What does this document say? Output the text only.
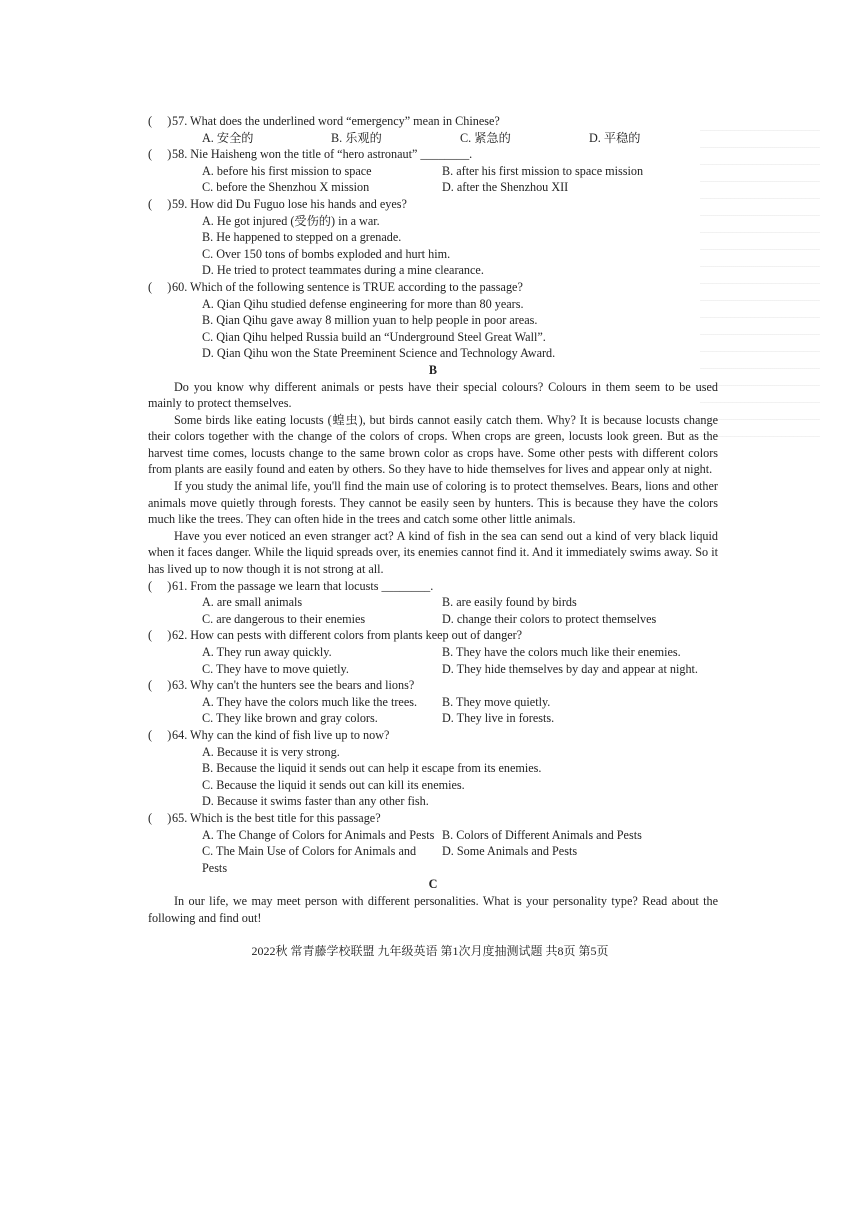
(     ) 57. What does the underlined word “emergency” mean in Chinese?
A. 安全的	B. 乐观的	C. 紧急的	D. 平稳的
(     ) 58. Nie Haisheng won the title of “hero astronaut” ________.
A. before his first mission to space	B. after his first mission to space mission
C. before the Shenzhou X mission	D. after the Shenzhou XII
(     ) 59. How did Du Fuguo lose his hands and eyes?
A. He got injured (受伤的) in a war.
B. He happened to stepped on a grenade.
C. Over 150 tons of bombs exploded and hurt him.
D. He tried to protect teammates during a mine clearance.
(     ) 60. Which of the following sentence is TRUE according to the passage?
A. Qian Qihu studied defense engineering for more than 80 years.
B. Qian Qihu gave away 8 million yuan to help people in poor areas.
C. Qian Qihu helped Russia build an “Underground Steel Great Wall”.
D. Qian Qihu won the State Preeminent Science and Technology Award.
B

Do you know why different animals or pests have their special colours? Colours in them seem to be used mainly to protect themselves.

Some birds like eating locusts (蝗虫), but birds cannot easily catch them. Why? It is because locusts change their colors together with the change of the colors of crops. When crops are green, locusts look green. But as the harvest time comes, locusts change to the same brown color as crops have. Some other pests with different colors from plants are easily found and eaten by others. So they have to hide themselves for lives and appear only at night.

If you study the animal life, you'll find the main use of coloring is to protect themselves. Bears, lions and other animals move quietly through forests. They cannot be easily seen by hunters. This is because they have the colors much like the trees. They can often hide in the trees and catch some other little animals.

Have you ever noticed an even stranger act? A kind of fish in the sea can send out a kind of very black liquid when it faces danger. While the liquid spreads over, its enemies cannot find it. And it immediately swims away. So it has lived up to now though it is not strong at all.

(     ) 61. From the passage we learn that locusts ________.
A. are small animals	B. are easily found by birds
C. are dangerous to their enemies	D. change their colors to protect themselves
(     ) 62. How can pests with different colors from plants keep out of danger?
A. They run away quickly.	B. They have the colors much like their enemies.
C. They have to move quietly.	D. They hide themselves by day and appear at night.
(     ) 63. Why can't the hunters see the bears and lions?
A. They have the colors much like the trees.	B. They move quietly.
C. They like brown and gray colors.	D. They live in forests.
(     ) 64. Why can the kind of fish live up to now?
A. Because it is very strong.
B. Because the liquid it sends out can help it escape from its enemies.
C. Because the liquid it sends out can kill its enemies.
D. Because it swims faster than any other fish.
(     ) 65. Which is the best title for this passage?
A. The Change of Colors for Animals and Pests B. Colors of Different Animals and Pests
C. The Main Use of Colors for Animals and Pests
D. Some Animals and Pests
C

In our life, we may meet person with different personalities. What is your personality type? Read about the following and find out!

2022秋 常青藤学校联盟 九年级英语 第1次月度抽测试题 共8页 第5页
